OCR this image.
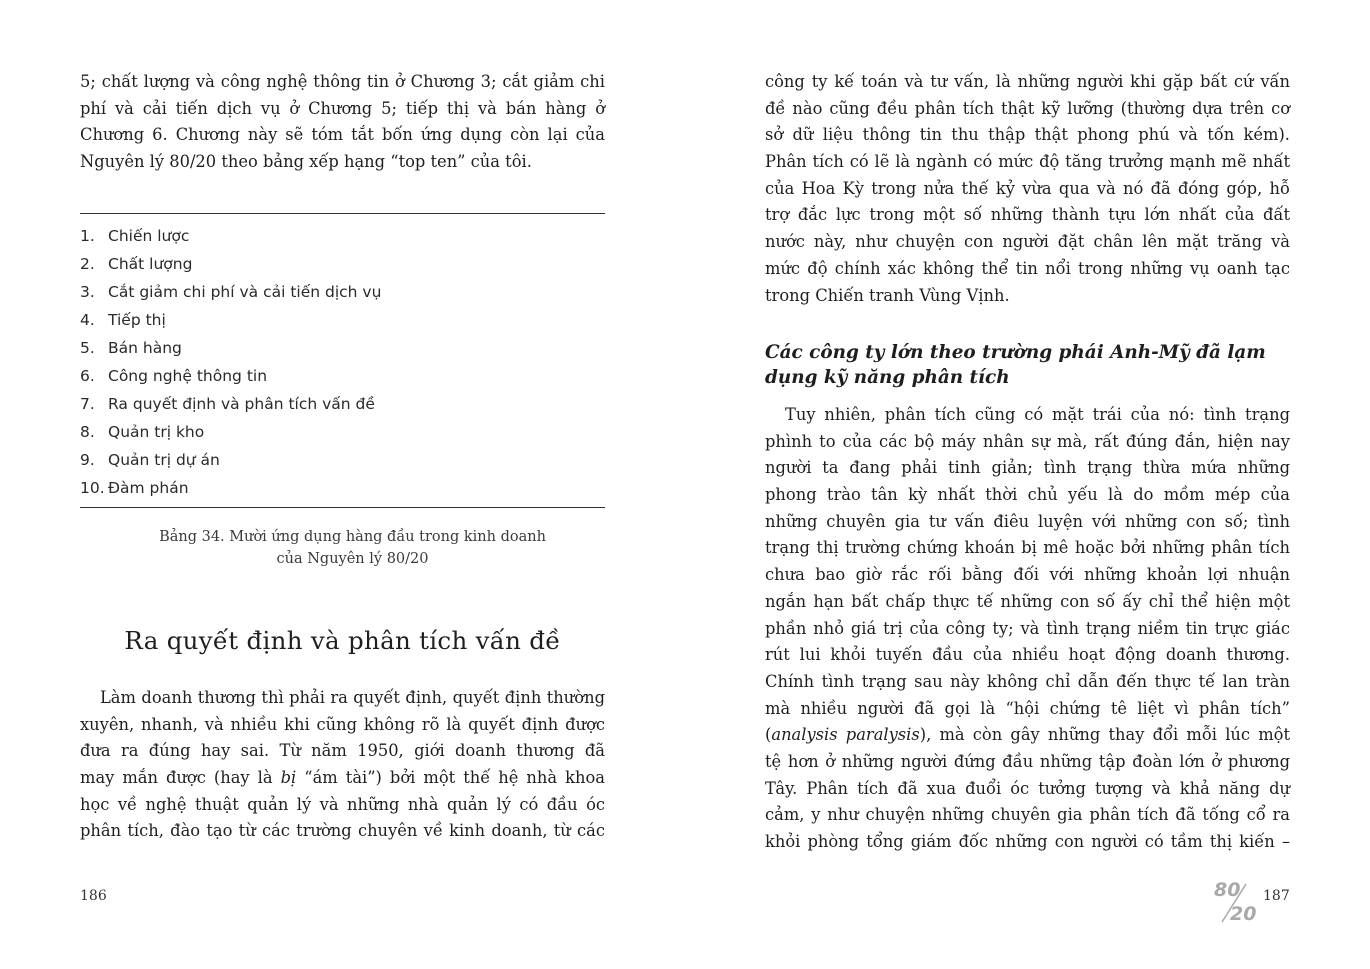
5; chất lượng và công nghệ thông tin ở Chương 3; cắt giảm chi
phí và cải tiến dịch vụ ở Chương 5; tiếp thị và bán hàng ở
Chương 6. Chương này sẽ tóm tắt bốn ứng dụng còn lại của
Nguyên lý 80/20 theo bảng xếp hạng “top ten” của tôi.
1. Chiến lược
2. Chất lượng
3. Cắt giảm chi phí và cải tiến dịch vụ
4. Tiếp thị
5. Bán hàng
6. Công nghệ thông tin
7. Ra quyết định và phân tích vấn đề
8. Quản trị kho
9. Quản trị dự án
10. Đàm phán
Bảng 34. Mười ứng dụng hàng đầu trong kinh doanh
của Nguyên lý 80/20
Ra quyết định và phân tích vấn đề
Làm doanh thương thì phải ra quyết định, quyết định thường
xuyên, nhanh, và nhiều khi cũng không rõ là quyết định được
đưa ra đúng hay sai. Từ năm 1950, giới doanh thương đã
may mắn được (hay là bị “ám tài”) bởi một thế hệ nhà khoa
học về nghệ thuật quản lý và những nhà quản lý có đầu óc
phân tích, đào tạo từ các trường chuyên về kinh doanh, từ các
186
công ty kế toán và tư vấn, là những người khi gặp bất cứ vấn
đề nào cũng đều phân tích thật kỹ lưỡng (thường dựa trên cơ
sở dữ liệu thông tin thu thập thật phong phú và tốn kém).
Phân tích có lẽ là ngành có mức độ tăng trưởng mạnh mẽ nhất
của Hoa Kỳ trong nửa thế kỷ vừa qua và nó đã đóng góp, hỗ
trợ đắc lực trong một số những thành tựu lớn nhất của đất
nước này, như chuyện con người đặt chân lên mặt trăng và
mức độ chính xác không thể tin nổi trong những vụ oanh tạc
trong Chiến tranh Vùng Vịnh.
Các công ty lớn theo trường phái Anh-Mỹ đã lạm
dụng kỹ năng phân tích
Tuy nhiên, phân tích cũng có mặt trái của nó: tình trạng
phình to của các bộ máy nhân sự mà, rất đúng đắn, hiện nay
người ta đang phải tinh giản; tình trạng thừa mứa những
phong trào tân kỳ nhất thời chủ yếu là do mồm mép của
những chuyên gia tư vấn điêu luyện với những con số; tình
trạng thị trường chứng khoán bị mê hoặc bởi những phân tích
chưa bao giờ rắc rối bằng đối với những khoản lợi nhuận
ngắn hạn bất chấp thực tế những con số ấy chỉ thể hiện một
phần nhỏ giá trị của công ty; và tình trạng niềm tin trực giác
rút lui khỏi tuyến đầu của nhiều hoạt động doanh thương.
Chính tình trạng sau này không chỉ dẫn đến thực tế lan tràn
mà nhiều người đã gọi là “hội chứng tê liệt vì phân tích”
(analysis paralysis), mà còn gây những thay đổi mỗi lúc một
tệ hơn ở những người đứng đầu những tập đoàn lớn ở phương
Tây. Phân tích đã xua đuổi óc tưởng tượng và khả năng dự
cảm, y như chuyện những chuyên gia phân tích đã tống cổ ra
khỏi phòng tổng giám đốc những con người có tầm thị kiến –
80
20
187
